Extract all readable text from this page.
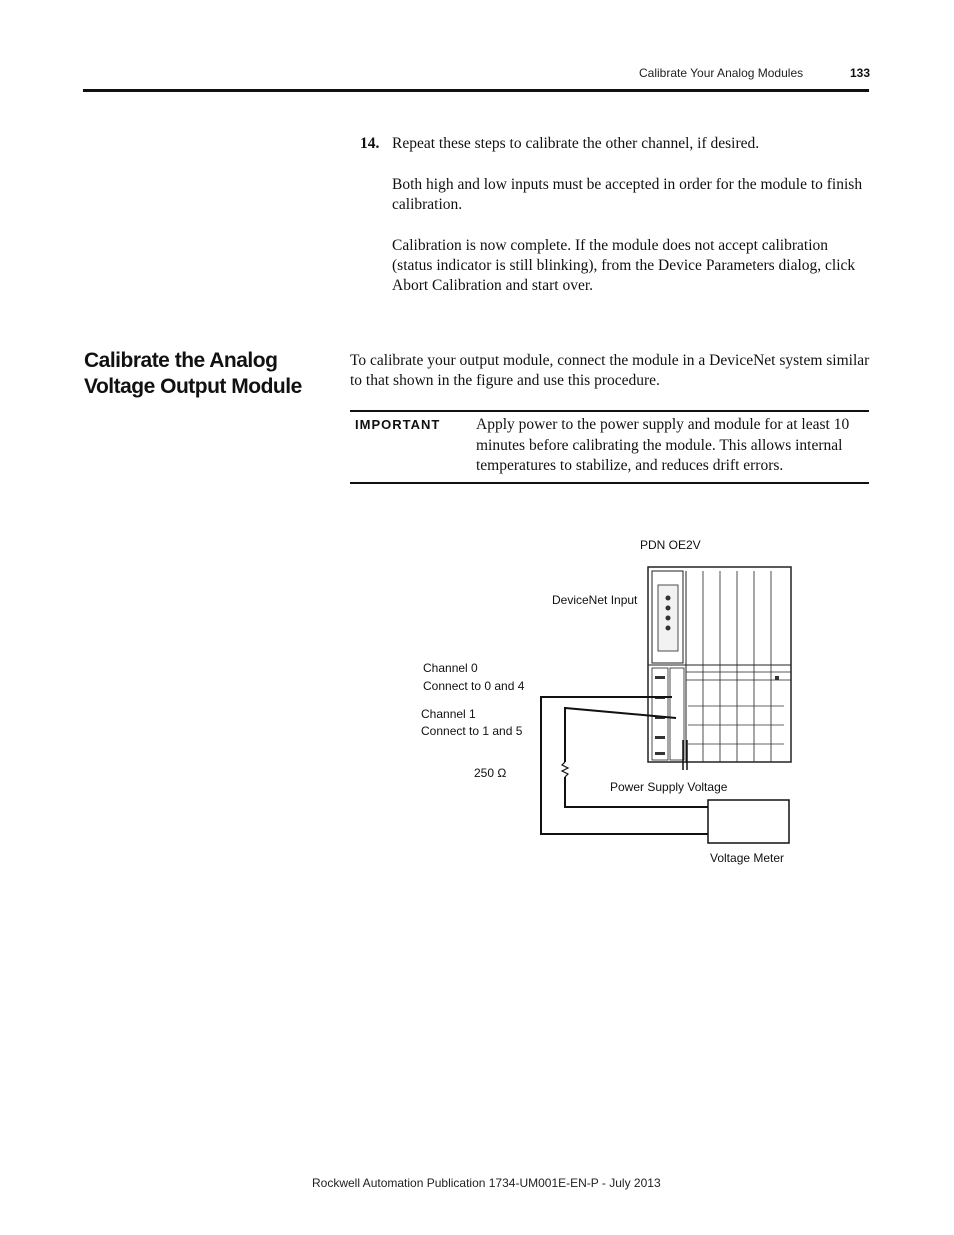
Calibrate Your Analog Modules	133
14. Repeat these steps to calibrate the other channel, if desired.

Both high and low inputs must be accepted in order for the module to finish calibration.

Calibration is now complete. If the module does not accept calibration (status indicator is still blinking), from the Device Parameters dialog, click Abort Calibration and start over.

Calibrate the Analog
Voltage Output Module
To calibrate your output module, connect the module in a DeviceNet system similar to that shown in the figure and use this procedure.
IMPORTANT Apply power to the power supply and module for at least 10 minutes before calibrating the module. This allows internal temperatures to stabilize, and reduces drift errors.
PDN OE2V
DeviceNet Input
Channel 0
Connect to 0 and 4
Channel 1
Connect to 1 and 5
250 Ω
Power Supply Voltage
Voltage Meter
Rockwell Automation Publication 1734-UM001E-EN-P - July 2013
